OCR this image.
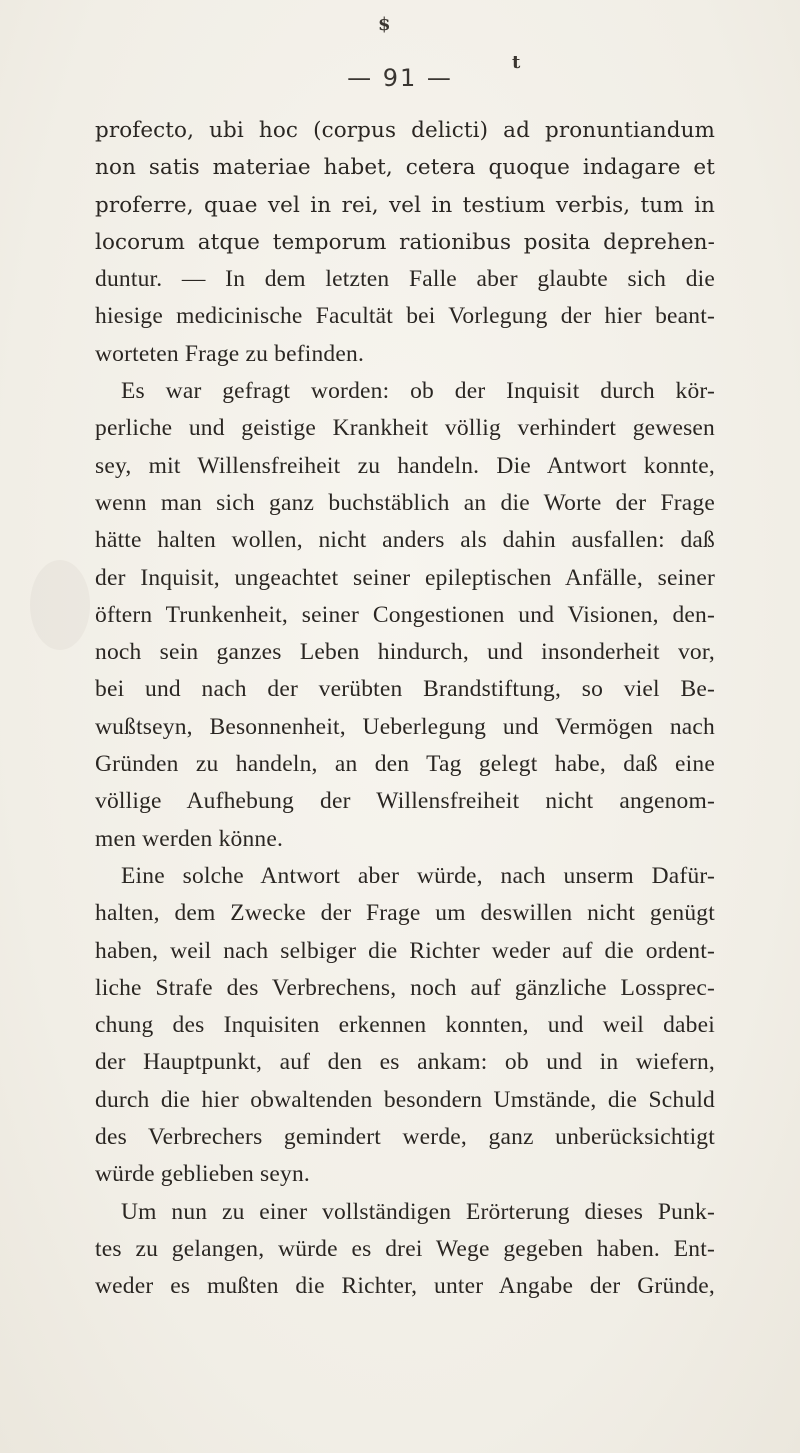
$
t
— 91 —
profecto, ubi hoc (corpus delicti) ad pronuntiandum
non satis materiae habet, cetera quoque indagare et
proferre, quae vel in rei, vel in testium verbis, tum in
locorum atque temporum rationibus posita deprehen-
duntur. — In dem letzten Falle aber glaubte sich die
hiesige medicinische Facultät bei Vorlegung der hier beant-
worteten Frage zu befinden.
Es war gefragt worden: ob der Inquisit durch kör-
perliche und geistige Krankheit völlig verhindert gewesen
sey, mit Willensfreiheit zu handeln. Die Antwort konnte,
wenn man sich ganz buchstäblich an die Worte der Frage
hätte halten wollen, nicht anders als dahin ausfallen: daß
der Inquisit, ungeachtet seiner epileptischen Anfälle, seiner
öftern Trunkenheit, seiner Congestionen und Visionen, den-
noch sein ganzes Leben hindurch, und insonderheit vor,
bei und nach der verübten Brandstiftung, so viel Be-
wußtseyn, Besonnenheit, Ueberlegung und Vermögen nach
Gründen zu handeln, an den Tag gelegt habe, daß eine
völlige Aufhebung der Willensfreiheit nicht angenom-
men werden könne.
Eine solche Antwort aber würde, nach unserm Dafür-
halten, dem Zwecke der Frage um deswillen nicht genügt
haben, weil nach selbiger die Richter weder auf die ordent-
liche Strafe des Verbrechens, noch auf gänzliche Lossprec-
chung des Inquisiten erkennen konnten, und weil dabei
der Hauptpunkt, auf den es ankam: ob und in wiefern,
durch die hier obwaltenden besondern Umstände, die Schuld
des Verbrechers gemindert werde, ganz unberücksichtigt
würde geblieben seyn.
Um nun zu einer vollständigen Erörterung dieses Punk-
tes zu gelangen, würde es drei Wege gegeben haben. Ent-
weder es mußten die Richter, unter Angabe der Gründe,
